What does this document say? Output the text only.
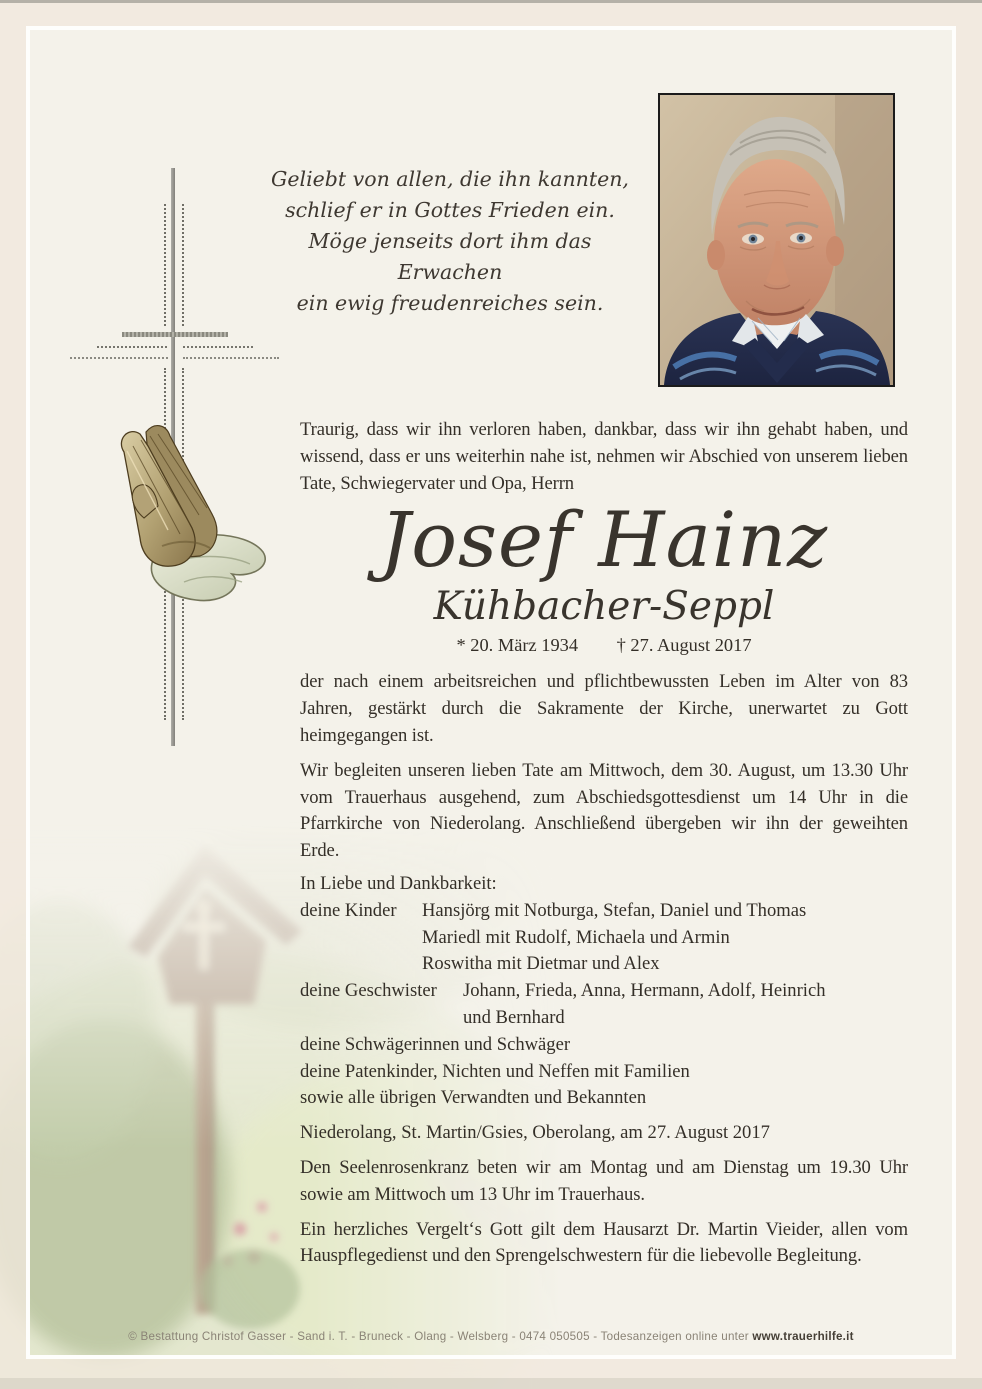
Geliebt von allen, die ihn kannten,
schlief er in Gottes Frieden ein.
Möge jenseits dort ihm das Erwachen
ein ewig freudenreiches sein.

Traurig, dass wir ihn verloren haben, dankbar, dass wir ihn gehabt haben, und wissend, dass er uns weiterhin nahe ist, nehmen wir Abschied von unserem lieben Tate, Schwiegervater und Opa, Herrn

Josef Hainz
Kühbacher-Seppl
* 20. März 1934 † 27. August 2017

der nach einem arbeitsreichen und pflichtbewussten Leben im Alter von 83 Jahren, gestärkt durch die Sakramente der Kirche, unerwartet zu Gott heimgegangen ist.

Wir begleiten unseren lieben Tate am Mittwoch, dem 30. August, um 13.30 Uhr vom Trauerhaus ausgehend, zum Abschiedsgottesdienst um 14 Uhr in die Pfarrkirche von Niederolang. Anschließend übergeben wir ihn der geweihten Erde.

In Liebe und Dankbarkeit:
deine Kinder	Hansjörg mit Notburga, Stefan, Daniel und Thomas
Mariedl mit Rudolf, Michaela und Armin
Roswitha mit Dietmar und Alex
deine Geschwister	Johann, Frieda, Anna, Hermann, Adolf, Heinrich
und Bernhard
deine Schwägerinnen und Schwäger
deine Patenkinder, Nichten und Neffen mit Familien
sowie alle übrigen Verwandten und Bekannten
Niederolang, St. Martin/Gsies, Oberolang, am 27. August 2017

Den Seelenrosenkranz beten wir am Montag und am Dienstag um 19.30 Uhr sowie am Mittwoch um 13 Uhr im Trauerhaus.

Ein herzliches Vergelt‘s Gott gilt dem Hausarzt Dr. Martin Vieider, allen vom Hauspflegedienst und den Sprengelschwestern für die liebevolle Begleitung.

© Bestattung Christof Gasser - Sand i. T. - Bruneck - Olang - Welsberg - 0474 050505 - Todesanzeigen online unter www.trauerhilfe.it
